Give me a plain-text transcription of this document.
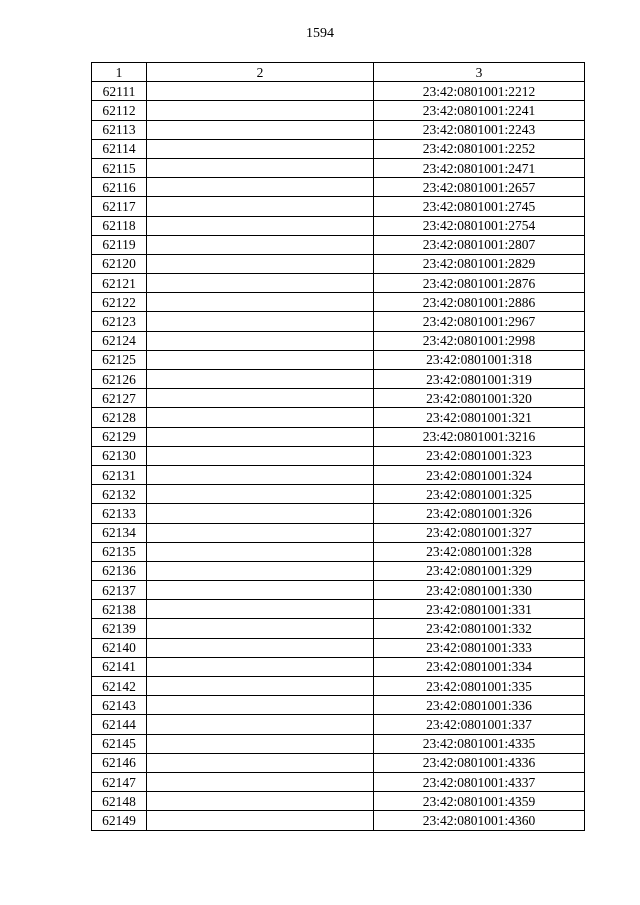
1594
1	2	3
62111		23:42:0801001:2212
62112		23:42:0801001:2241
62113		23:42:0801001:2243
62114		23:42:0801001:2252
62115		23:42:0801001:2471
62116		23:42:0801001:2657
62117		23:42:0801001:2745
62118		23:42:0801001:2754
62119		23:42:0801001:2807
62120		23:42:0801001:2829
62121		23:42:0801001:2876
62122		23:42:0801001:2886
62123		23:42:0801001:2967
62124		23:42:0801001:2998
62125		23:42:0801001:318
62126		23:42:0801001:319
62127		23:42:0801001:320
62128		23:42:0801001:321
62129		23:42:0801001:3216
62130		23:42:0801001:323
62131		23:42:0801001:324
62132		23:42:0801001:325
62133		23:42:0801001:326
62134		23:42:0801001:327
62135		23:42:0801001:328
62136		23:42:0801001:329
62137		23:42:0801001:330
62138		23:42:0801001:331
62139		23:42:0801001:332
62140		23:42:0801001:333
62141		23:42:0801001:334
62142		23:42:0801001:335
62143		23:42:0801001:336
62144		23:42:0801001:337
62145		23:42:0801001:4335
62146		23:42:0801001:4336
62147		23:42:0801001:4337
62148		23:42:0801001:4359
62149		23:42:0801001:4360
